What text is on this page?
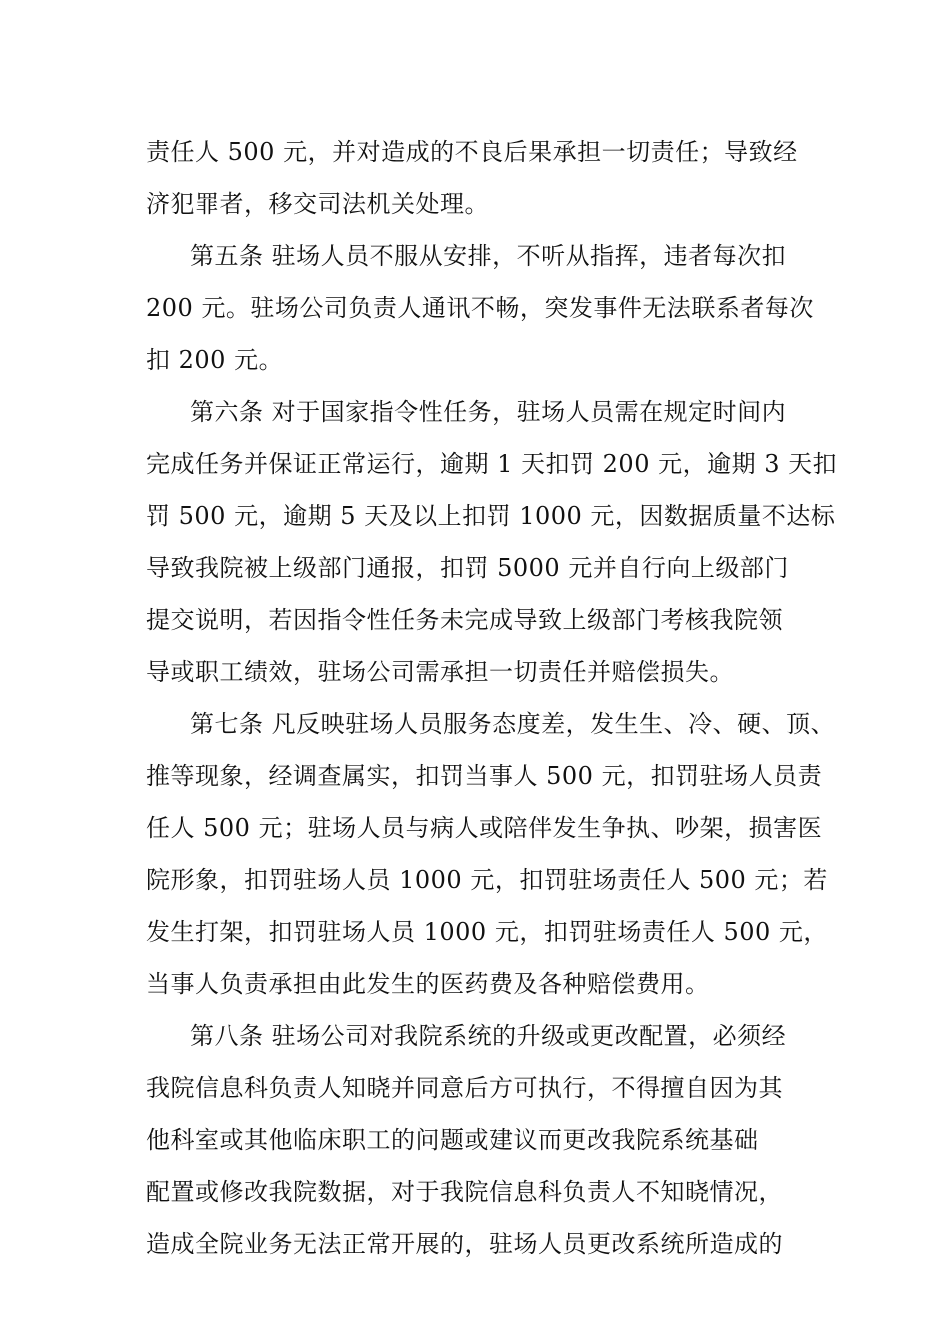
责任人 500 元，并对造成的不良后果承担一切责任；导致经
济犯罪者，移交司法机关处理。
第五条 驻场人员不服从安排，不听从指挥，违者每次扣
200 元。驻场公司负责人通讯不畅，突发事件无法联系者每次
扣 200 元。
第六条 对于国家指令性任务，驻场人员需在规定时间内
完成任务并保证正常运行，逾期 1 天扣罚 200 元，逾期 3 天扣
罚 500 元，逾期 5 天及以上扣罚 1000 元，因数据质量不达标
导致我院被上级部门通报，扣罚 5000 元并自行向上级部门
提交说明，若因指令性任务未完成导致上级部门考核我院领
导或职工绩效，驻场公司需承担一切责任并赔偿损失。
第七条 凡反映驻场人员服务态度差，发生生、冷、硬、顶、
推等现象，经调查属实，扣罚当事人 500 元，扣罚驻场人员责
任人 500 元；驻场人员与病人或陪伴发生争执、吵架，损害医
院形象，扣罚驻场人员 1000 元，扣罚驻场责任人 500 元；若
发生打架，扣罚驻场人员 1000 元，扣罚驻场责任人 500 元，
当事人负责承担由此发生的医药费及各种赔偿费用。
第八条 驻场公司对我院系统的升级或更改配置，必须经
我院信息科负责人知晓并同意后方可执行，不得擅自因为其
他科室或其他临床职工的问题或建议而更改我院系统基础
配置或修改我院数据，对于我院信息科负责人不知晓情况，
造成全院业务无法正常开展的，驻场人员更改系统所造成的
